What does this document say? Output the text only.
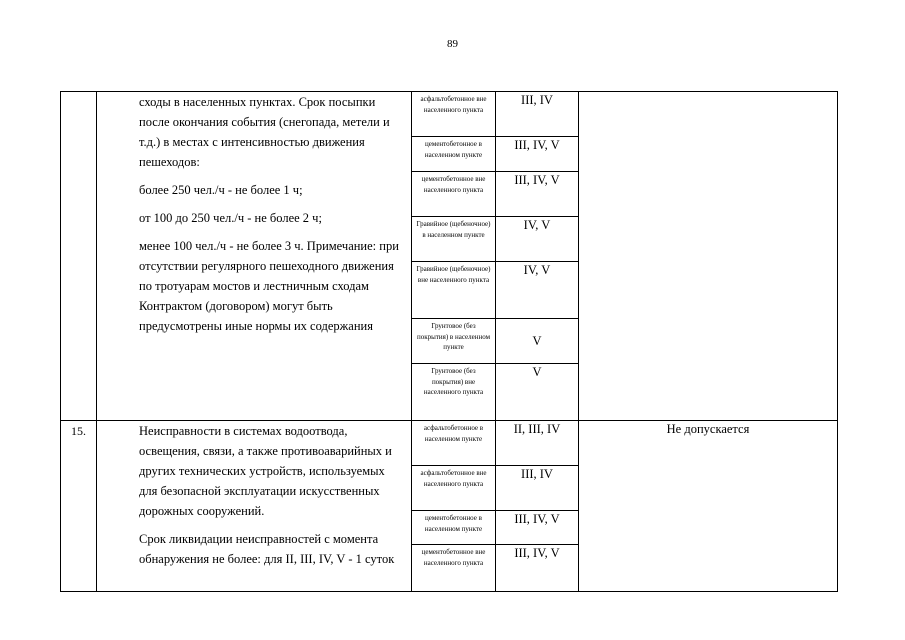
89

	сходы в населенных пунктах. Срок посыпки после окончания события (снегопада, метели и т.д.) в местах с интенсивностью движения пешеходов:

более 250 чел./ч - не более 1 ч;

от 100 до 250 чел./ч - не более 2 ч;

менее 100 чел./ч - не более 3 ч. Примечание: при отсутствии регулярного пешеходного движения по тротуарам мостов и лестничным сходам Контрактом (договором) могут быть предусмотрены иные нормы их содержания	асфальтобетонное вне населенного пункта	III, IV	
		цементобетонное в населенном пункте	III, IV, V	
		цементобетонное вне населенного пункта	III, IV, V	
		Гравийное (щебеночное) в населенном пункте	IV, V	
		Гравийное (щебеночное) вне населенного пункта	IV, V	
		Грунтовое (без покрытия) в населенном пункте	V	
		Грунтовое (без покрытия) вне населенного пункта	V	
15.	Неисправности в системах водоотвода, освещения, связи, а также противоаварийных и других технических устройств, используемых для безопасной эксплуатации искусственных дорожных сооружений.

Срок ликвидации неисправностей с момента обнаружения не более: для II, III, IV, V - 1 суток	асфальтобетонное в населенном пункте	II, III, IV	Не допускается
		асфальтобетонное вне населенного пункта	III, IV	
		цементобетонное в населенном пункте	III, IV, V	
		цементобетонное вне населенного пункта	III, IV, V	
